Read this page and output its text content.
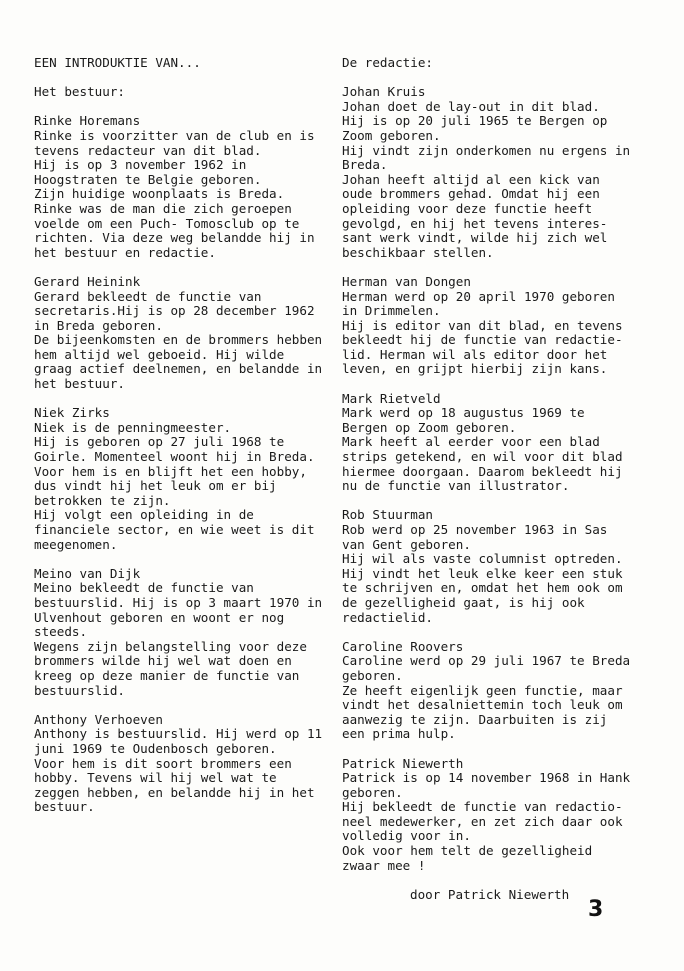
EEN INTRODUKTIE VAN...
Het bestuur:
Rinke Horemans
Rinke is voorzitter van de club en is
tevens redacteur van dit blad.
Hij is op 3 november 1962 in
Hoogstraten te Belgie geboren.
Zijn huidige woonplaats is Breda.
Rinke was de man die zich geroepen
voelde om een Puch- Tomosclub op te
richten. Via deze weg belandde hij in
het bestuur en redactie.
Gerard Heinink
Gerard bekleedt de functie van
secretaris.Hij is op 28 december 1962
in Breda geboren.
De bijeenkomsten en de brommers hebben
hem altijd wel geboeid. Hij wilde
graag actief deelnemen, en belandde in
het bestuur.
Niek Zirks
Niek is de penningmeester.
Hij is geboren op 27 juli 1968 te
Goirle. Momenteel woont hij in Breda.
Voor hem is en blijft het een hobby,
dus vindt hij het leuk om er bij
betrokken te zijn.
Hij volgt een opleiding in de
financiele sector, en wie weet is dit
meegenomen.
Meino van Dijk
Meino bekleedt de functie van
bestuurslid. Hij is op 3 maart 1970 in
Ulvenhout geboren en woont er nog
steeds.
Wegens zijn belangstelling voor deze
brommers wilde hij wel wat doen en
kreeg op deze manier de functie van
bestuurslid.
Anthony Verhoeven
Anthony is bestuurslid. Hij werd op 11
juni 1969 te Oudenbosch geboren.
Voor hem is dit soort brommers een
hobby. Tevens wil hij wel wat te
zeggen hebben, en belandde hij in het
bestuur.
De redactie:
Johan Kruis
Johan doet de lay-out in dit blad.
Hij is op 20 juli 1965 te Bergen op
Zoom geboren.
Hij vindt zijn onderkomen nu ergens in
Breda.
Johan heeft altijd al een kick van
oude brommers gehad. Omdat hij een
opleiding voor deze functie heeft
gevolgd, en hij het tevens interes-
sant werk vindt, wilde hij zich wel
beschikbaar stellen.
Herman van Dongen
Herman werd op 20 april 1970 geboren
in Drimmelen.
Hij is editor van dit blad, en tevens
bekleedt hij de functie van redactie-
lid. Herman wil als editor door het
leven, en grijpt hierbij zijn kans.
Mark Rietveld
Mark werd op 18 augustus 1969 te
Bergen op Zoom geboren.
Mark heeft al eerder voor een blad
strips getekend, en wil voor dit blad
hiermee doorgaan. Daarom bekleedt hij
nu de functie van illustrator.
Rob Stuurman
Rob werd op 25 november 1963 in Sas
van Gent geboren.
Hij wil als vaste columnist optreden.
Hij vindt het leuk elke keer een stuk
te schrijven en, omdat het hem ook om
de gezelligheid gaat, is hij ook
redactielid.
Caroline Roovers
Caroline werd op 29 juli 1967 te Breda
geboren.
Ze heeft eigenlijk geen functie, maar
vindt het desalniettemin toch leuk om
aanwezig te zijn. Daarbuiten is zij
een prima hulp.
Patrick Niewerth
Patrick is op 14 november 1968 in Hank
geboren.
Hij bekleedt de functie van redactio-
neel medewerker, en zet zich daar ook
volledig voor in.
Ook voor hem telt de gezelligheid
zwaar mee !
door Patrick Niewerth
3
